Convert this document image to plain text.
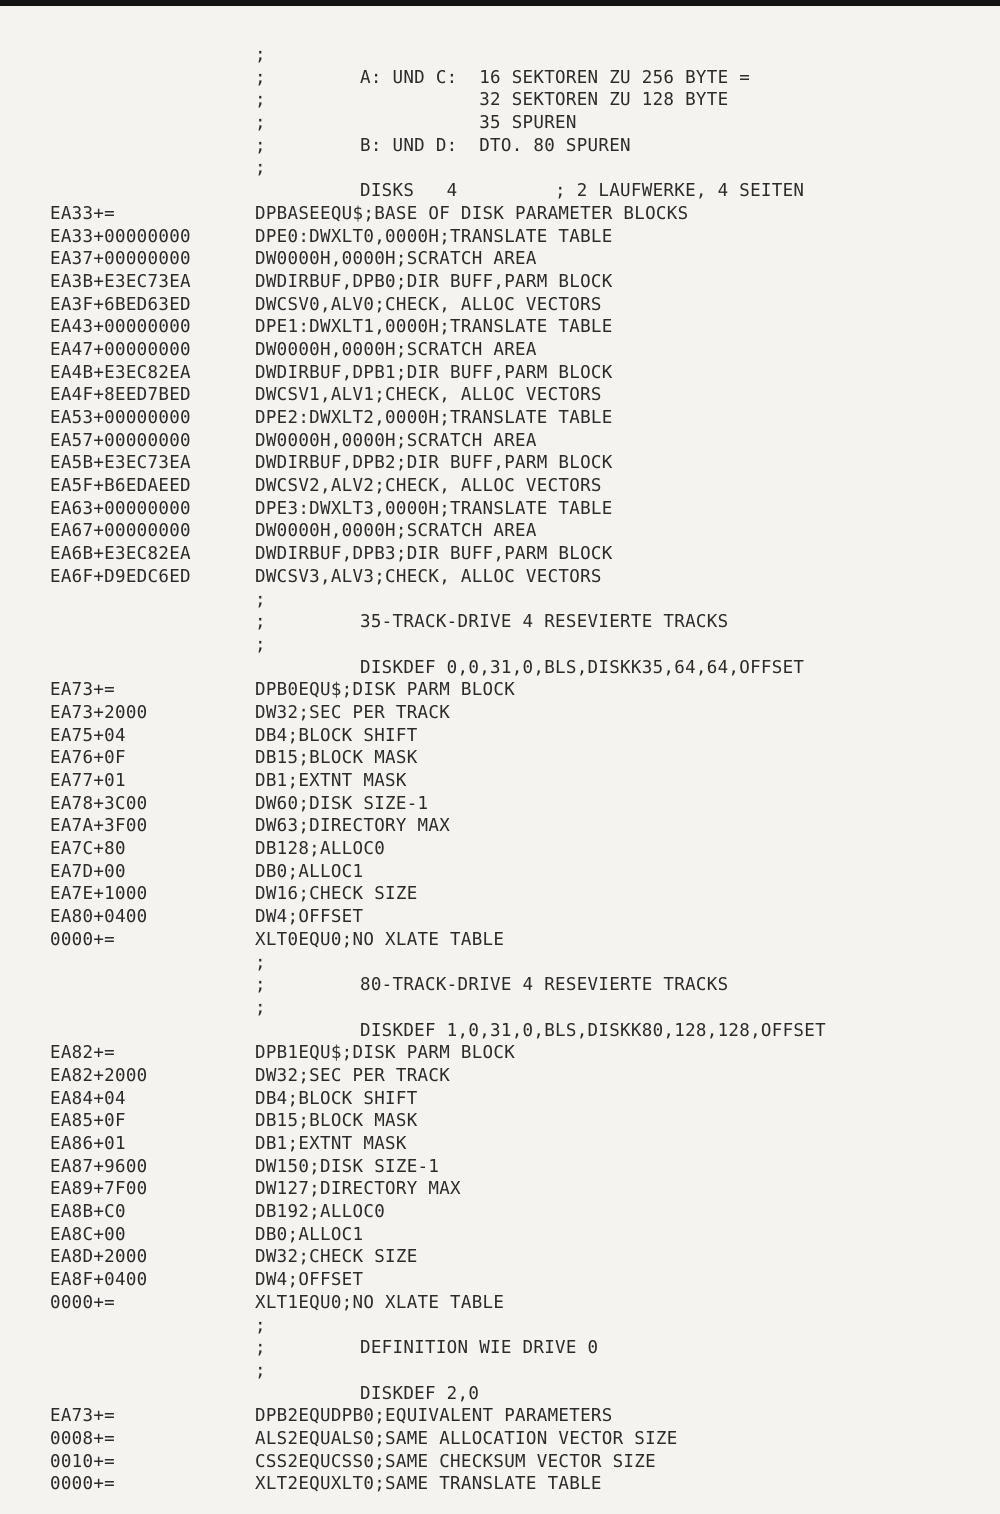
;
;	A: UND C:  16 SEKTOREN ZU 256 BYTE =
;	32 SEKTOREN ZU 128 BYTE
;	35 SPUREN
;	B: UND D:  DTO. 80 SPUREN
;
DISKS   4         ; 2 LAUFWERKE, 4 SEITEN
EA33+=	DPBASEEQU$;BASE OF DISK PARAMETER BLOCKS
EA33+00000000	DPE0:DWXLT0,0000H;TRANSLATE TABLE
EA37+00000000	DW0000H,0000H;SCRATCH AREA
EA3B+E3EC73EA	DWDIRBUF,DPB0;DIR BUFF,PARM BLOCK
EA3F+6BED63ED	DWCSV0,ALV0;CHECK, ALLOC VECTORS
EA43+00000000	DPE1:DWXLT1,0000H;TRANSLATE TABLE
EA47+00000000	DW0000H,0000H;SCRATCH AREA
EA4B+E3EC82EA	DWDIRBUF,DPB1;DIR BUFF,PARM BLOCK
EA4F+8EED7BED	DWCSV1,ALV1;CHECK, ALLOC VECTORS
EA53+00000000	DPE2:DWXLT2,0000H;TRANSLATE TABLE
EA57+00000000	DW0000H,0000H;SCRATCH AREA
EA5B+E3EC73EA	DWDIRBUF,DPB2;DIR BUFF,PARM BLOCK
EA5F+B6EDAEED	DWCSV2,ALV2;CHECK, ALLOC VECTORS
EA63+00000000	DPE3:DWXLT3,0000H;TRANSLATE TABLE
EA67+00000000	DW0000H,0000H;SCRATCH AREA
EA6B+E3EC82EA	DWDIRBUF,DPB3;DIR BUFF,PARM BLOCK
EA6F+D9EDC6ED	DWCSV3,ALV3;CHECK, ALLOC VECTORS
;
;	35-TRACK-DRIVE 4 RESEVIERTE TRACKS
;
DISKDEF 0,0,31,0,BLS,DISKK35,64,64,OFFSET
EA73+=	DPB0EQU$;DISK PARM BLOCK
EA73+2000	DW32;SEC PER TRACK
EA75+04	DB4;BLOCK SHIFT
EA76+0F	DB15;BLOCK MASK
EA77+01	DB1;EXTNT MASK
EA78+3C00	DW60;DISK SIZE-1
EA7A+3F00	DW63;DIRECTORY MAX
EA7C+80	DB128;ALLOC0
EA7D+00	DB0;ALLOC1
EA7E+1000	DW16;CHECK SIZE
EA80+0400	DW4;OFFSET
0000+=	XLT0EQU0;NO XLATE TABLE
;
;	80-TRACK-DRIVE 4 RESEVIERTE TRACKS
;
DISKDEF 1,0,31,0,BLS,DISKK80,128,128,OFFSET
EA82+=	DPB1EQU$;DISK PARM BLOCK
EA82+2000	DW32;SEC PER TRACK
EA84+04	DB4;BLOCK SHIFT
EA85+0F	DB15;BLOCK MASK
EA86+01	DB1;EXTNT MASK
EA87+9600	DW150;DISK SIZE-1
EA89+7F00	DW127;DIRECTORY MAX
EA8B+C0	DB192;ALLOC0
EA8C+00	DB0;ALLOC1
EA8D+2000	DW32;CHECK SIZE
EA8F+0400	DW4;OFFSET
0000+=	XLT1EQU0;NO XLATE TABLE
;
;	DEFINITION WIE DRIVE 0
;
DISKDEF 2,0
EA73+=	DPB2EQUDPB0;EQUIVALENT PARAMETERS
0008+=	ALS2EQUALS0;SAME ALLOCATION VECTOR SIZE
0010+=	CSS2EQUCSS0;SAME CHECKSUM VECTOR SIZE
0000+=	XLT2EQUXLT0;SAME TRANSLATE TABLE
